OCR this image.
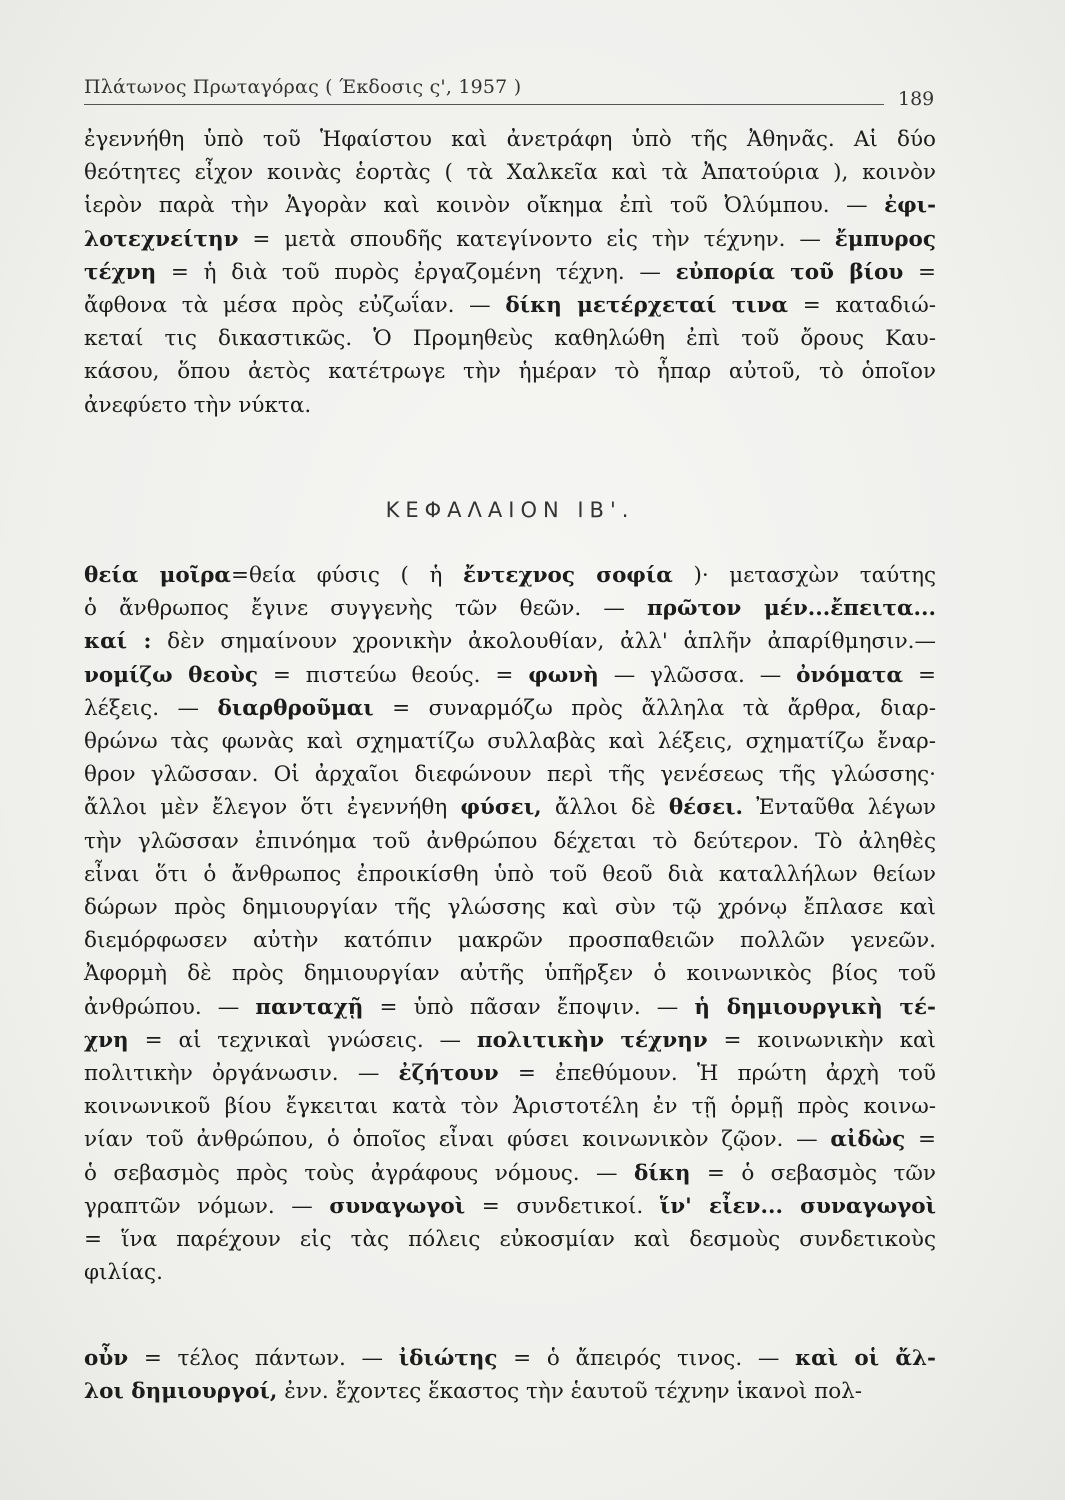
Πλάτωνος Πρωταγόρας ( Έκδοσις ς', 1957 )
189
ἐγεννήθη ὑπὸ τοῦ Ἡφαίστου καὶ ἀνετράφη ὑπὸ τῆς Ἀθηνᾶς. Αἱ δύο
θεότητες εἶχον κοινὰς ἑορτὰς ( τὰ Χαλκεῖα καὶ τὰ Ἀπατούρια ), κοινὸν
ἱερὸν παρὰ τὴν Ἀγορὰν καὶ κοινὸν οἴκημα ἐπὶ τοῦ Ὀλύμπου. — ἐφι-
λοτεχνείτην = μετὰ σπουδῆς κατεγίνοντο εἰς τὴν τέχνην. — ἔμπυρος
τέχνη = ἡ διὰ τοῦ πυρὸς ἐργαζομένη τέχνη. — εὐπορία τοῦ βίου =
ἄφθονα τὰ μέσα πρὸς εὐζωΐαν. — δίκη μετέρχεταί τινα = καταδιώ-
κεταί τις δικαστικῶς. Ὁ Προμηθεὺς καθηλώθη ἐπὶ τοῦ ὄρους Καυ-
κάσου, ὅπου ἀετὸς κατέτρωγε τὴν ἡμέραν τὸ ἧπαρ αὐτοῦ, τὸ ὁποῖον
ἀνεφύετο τὴν νύκτα.
ΚΕΦΑΛΑΙΟΝ ΙΒ'.
θεία μοῖρα=θεία φύσις ( ἡ ἔντεχνος σοφία )· μετασχὼν ταύτης
ὁ ἄνθρωπος ἔγινε συγγενὴς τῶν θεῶν. — πρῶτον μέν...ἔπειτα...
καί : δὲν σημαίνουν χρονικὴν ἀκολουθίαν, ἀλλ' ἁπλῆν ἀπαρίθμησιν.—
νομίζω θεοὺς = πιστεύω θεούς. = φωνὴ — γλῶσσα. — ὀνόματα =
λέξεις. — διαρθροῦμαι = συναρμόζω πρὸς ἄλληλα τὰ ἄρθρα, διαρ-
θρώνω τὰς φωνὰς καὶ σχηματίζω συλλαβὰς καὶ λέξεις, σχηματίζω ἔναρ-
θρον γλῶσσαν. Οἱ ἀρχαῖοι διεφώνουν περὶ τῆς γενέσεως τῆς γλώσσης·
ἄλλοι μὲν ἔλεγον ὅτι ἐγεννήθη φύσει, ἄλλοι δὲ θέσει. Ἐνταῦθα λέγων
τὴν γλῶσσαν ἐπινόημα τοῦ ἀνθρώπου δέχεται τὸ δεύτερον. Τὸ ἀληθὲς
εἶναι ὅτι ὁ ἄνθρωπος ἐπροικίσθη ὑπὸ τοῦ θεοῦ διὰ καταλλήλων θείων
δώρων πρὸς δημιουργίαν τῆς γλώσσης καὶ σὺν τῷ χρόνῳ ἔπλασε καὶ
διεμόρφωσεν αὐτὴν κατόπιν μακρῶν προσπαθειῶν πολλῶν γενεῶν.
Ἀφορμὴ δὲ πρὸς δημιουργίαν αὐτῆς ὑπῆρξεν ὁ κοινωνικὸς βίος τοῦ
ἀνθρώπου. — πανταχῇ = ὑπὸ πᾶσαν ἔποψιν. — ἡ δημιουργικὴ τέ-
χνη = αἱ τεχνικαὶ γνώσεις. — πολιτικὴν τέχνην = κοινωνικὴν καὶ
πολιτικὴν ὀργάνωσιν. — ἐζήτουν = ἐπεθύμουν. Ἡ πρώτη ἀρχὴ τοῦ
κοινωνικοῦ βίου ἔγκειται κατὰ τὸν Ἀριστοτέλη ἐν τῇ ὁρμῇ πρὸς κοινω-
νίαν τοῦ ἀνθρώπου, ὁ ὁποῖος εἶναι φύσει κοινωνικὸν ζῷον. — αἰδὼς =
ὁ σεβασμὸς πρὸς τοὺς ἀγράφους νόμους. — δίκη = ὁ σεβασμὸς τῶν
γραπτῶν νόμων. — συναγωγοὶ = συνδετικοί. ἵν' εἶεν... συναγωγοὶ
= ἵνα παρέχουν εἰς τὰς πόλεις εὐκοσμίαν καὶ δεσμοὺς συνδετικοὺς
φιλίας.
οὖν = τέλος πάντων. — ἰδιώτης = ὁ ἄπειρός τινος. — καὶ οἱ ἄλ-
λοι δημιουργοί, ἐνν. ἔχοντες ἕκαστος τὴν ἑαυτοῦ τέχνην ἱκανοὶ πολ-
